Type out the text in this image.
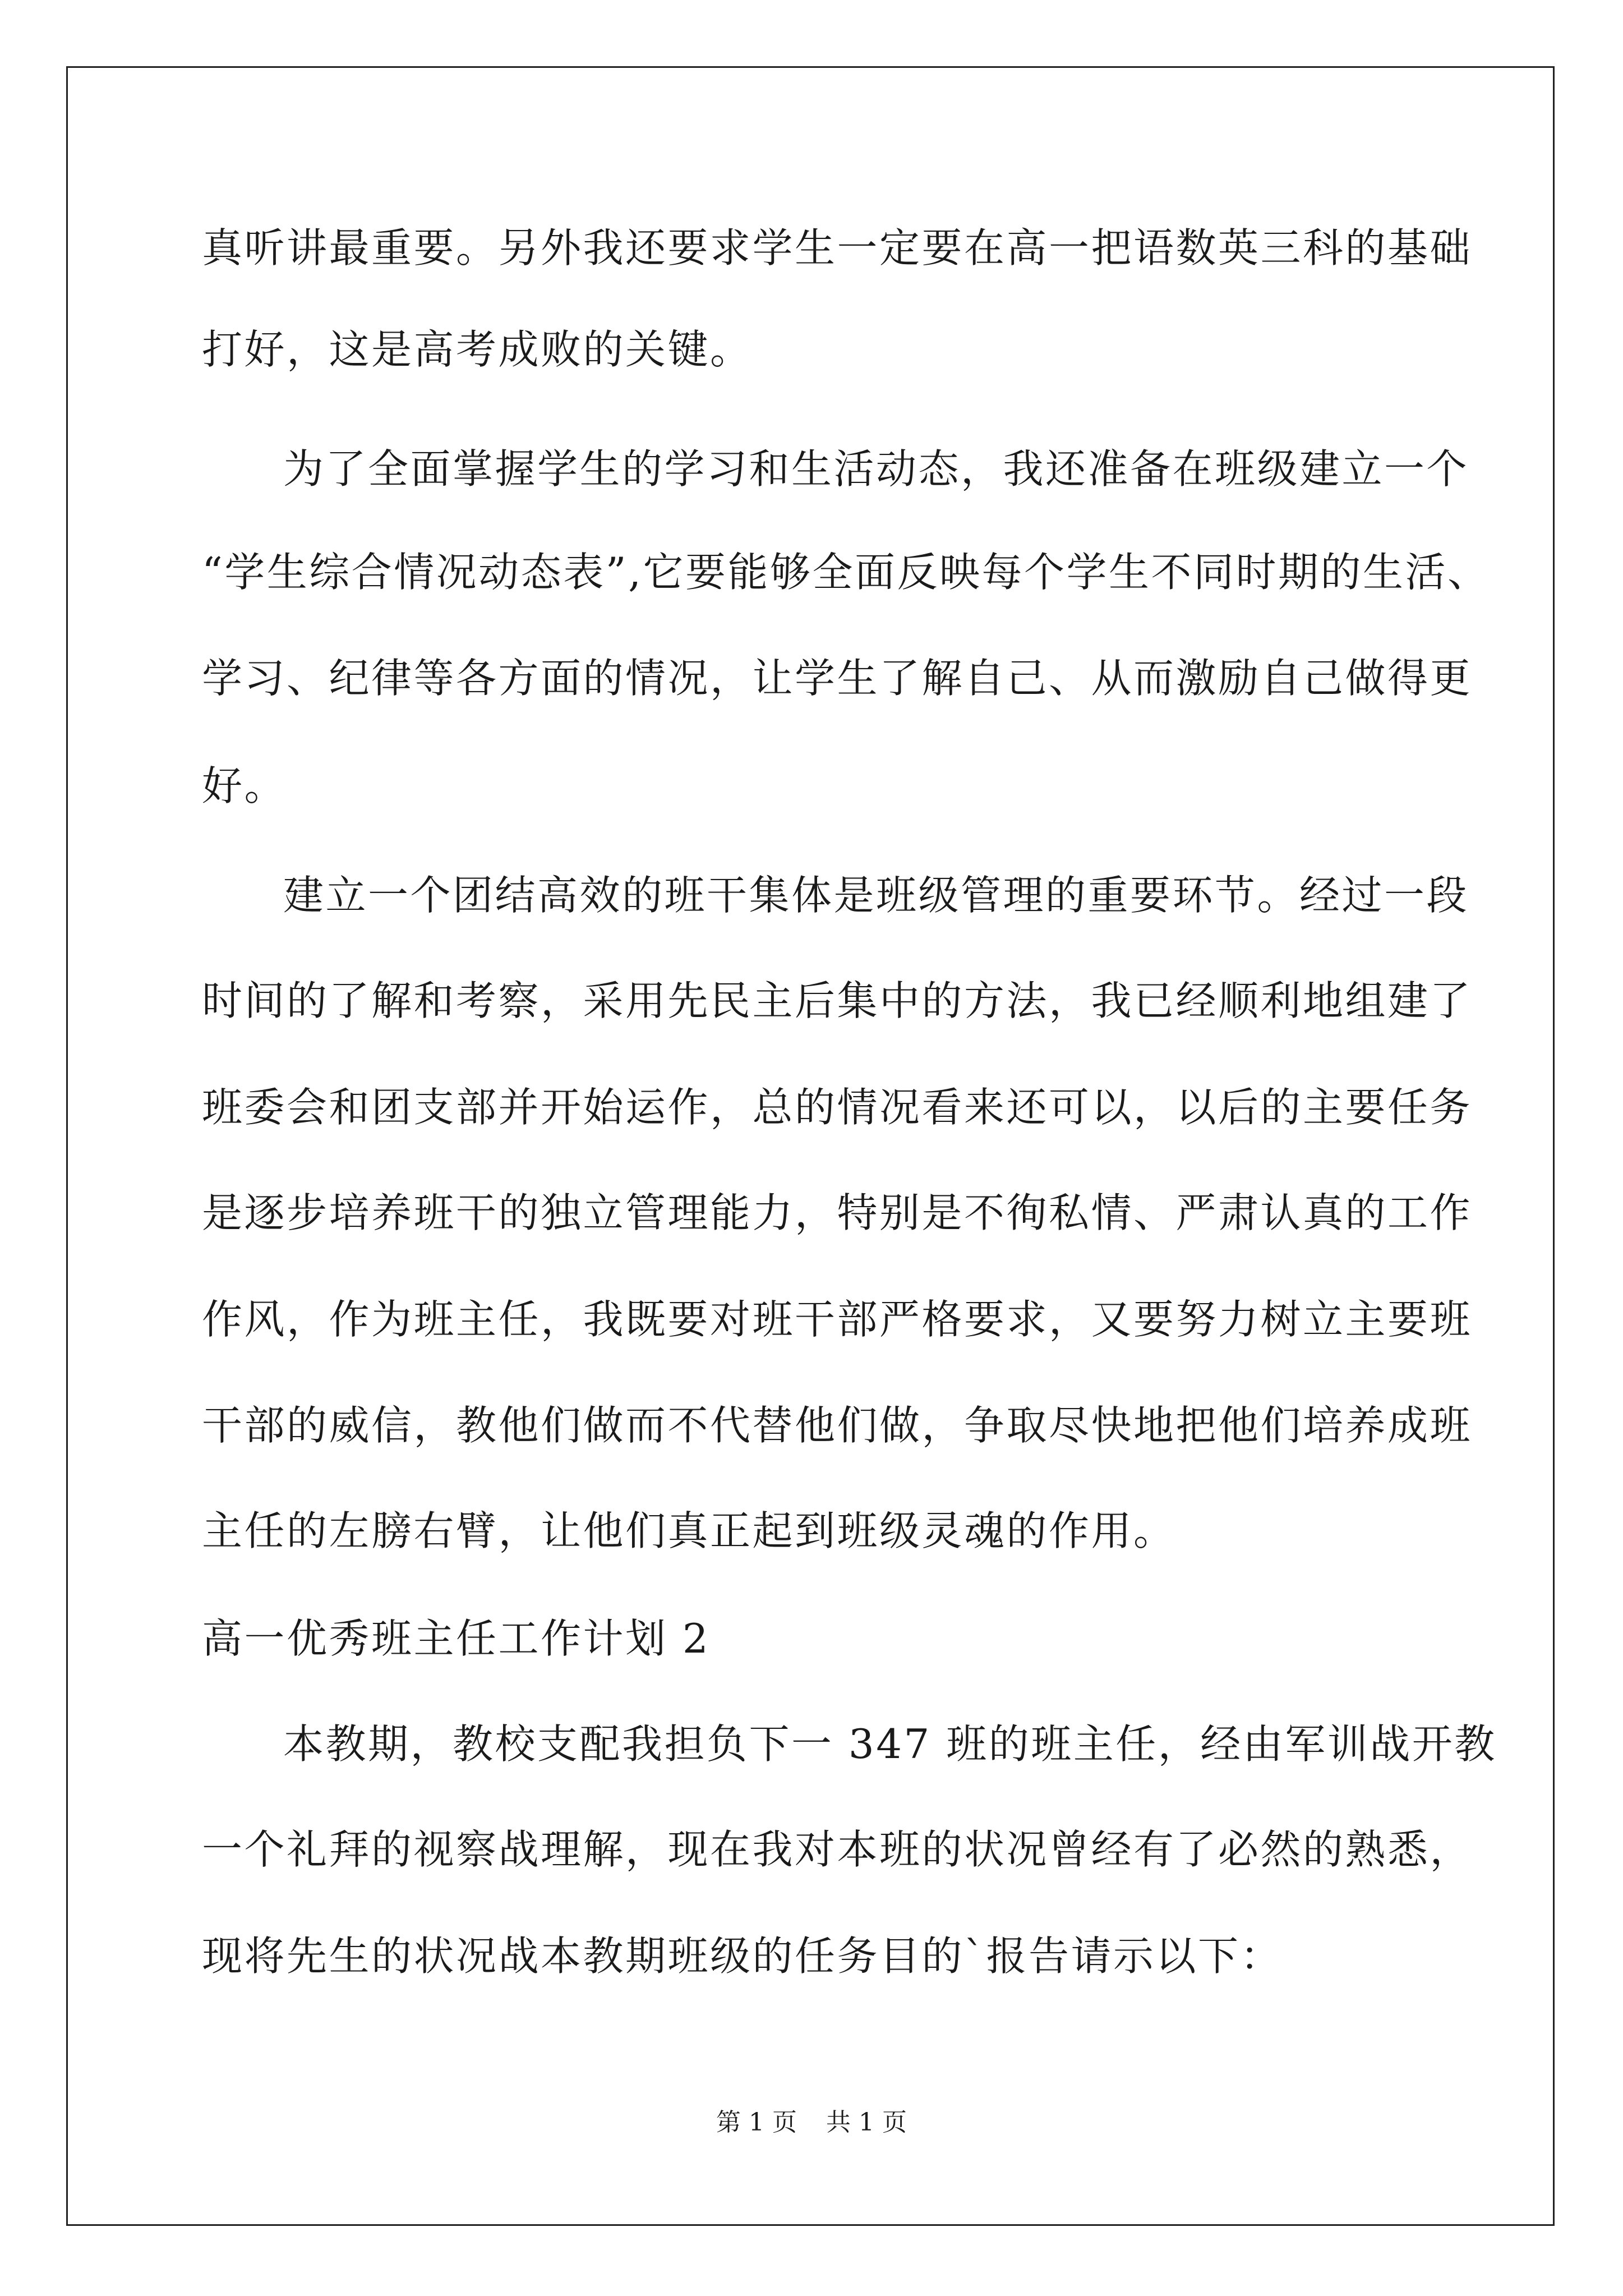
真听讲最重要。另外我还要求学生一定要在高一把语数英三科的基础
打好，这是高考成败的关键。
为了全面掌握学生的学习和生活动态，我还准备在班级建立一个
“学生综合情况动态表”,它要能够全面反映每个学生不同时期的生活、
学习、纪律等各方面的情况，让学生了解自己、从而激励自己做得更
好。
建立一个团结高效的班干集体是班级管理的重要环节。经过一段
时间的了解和考察，采用先民主后集中的方法，我已经顺利地组建了
班委会和团支部并开始运作，总的情况看来还可以，以后的主要任务
是逐步培养班干的独立管理能力，特别是不徇私情、严肃认真的工作
作风，作为班主任，我既要对班干部严格要求，又要努力树立主要班
干部的威信，教他们做而不代替他们做，争取尽快地把他们培养成班
主任的左膀右臂，让他们真正起到班级灵魂的作用。
高一优秀班主任工作计划 2
本教期，教校支配我担负下一 347 班的班主任，经由军训战开教
一个礼拜的视察战理解，现在我对本班的状况曾经有了必然的熟悉，
现将先生的状况战本教期班级的任务目的`报告请示以下：
第 1 页 共 1 页
